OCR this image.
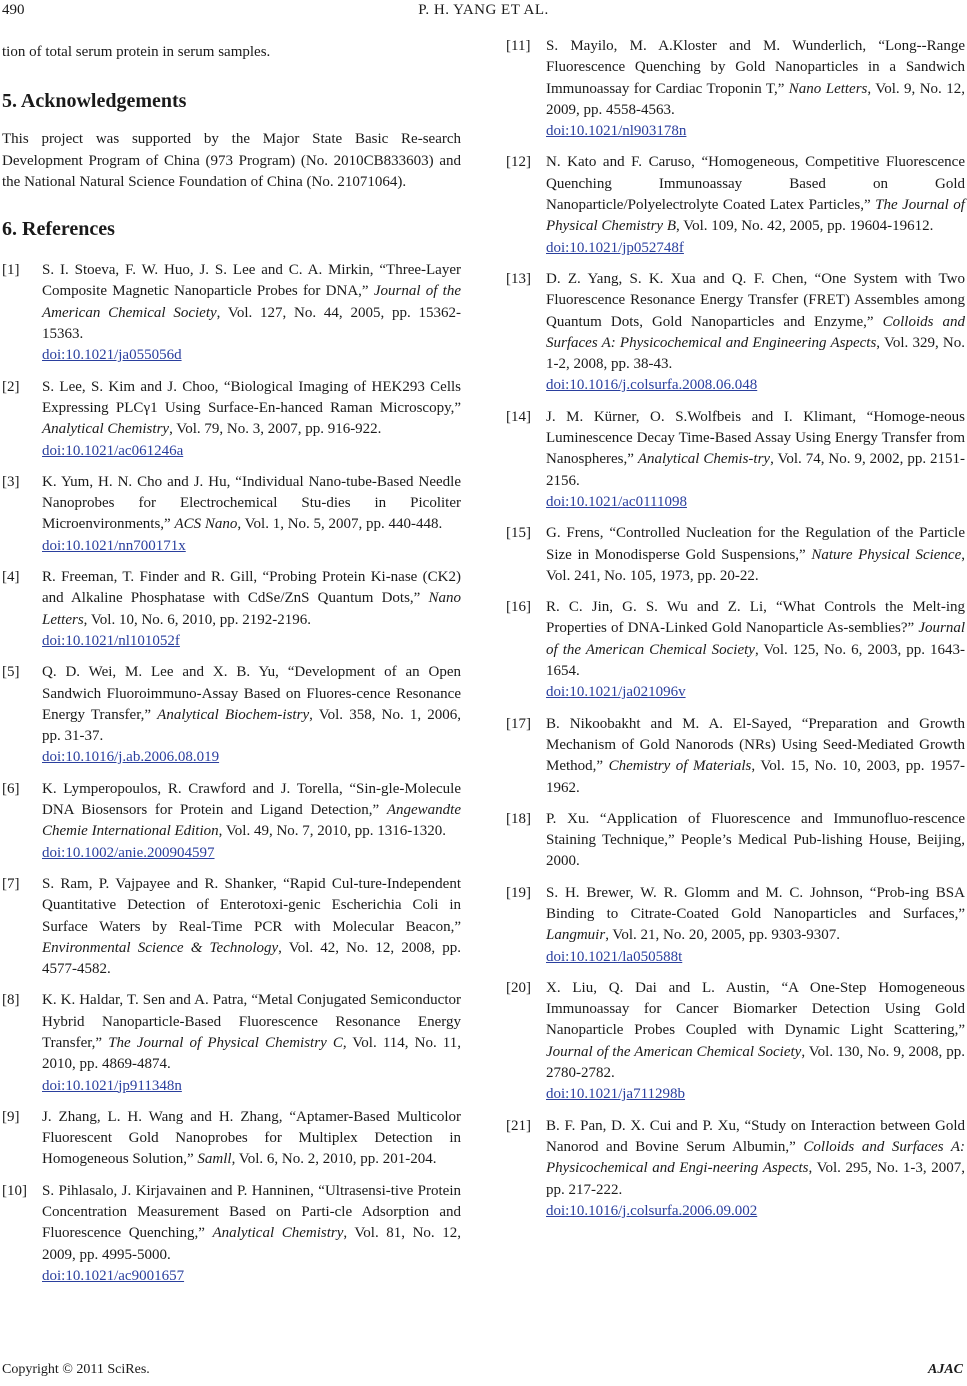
490	P. H. YANG ET AL.

tion of total serum protein in serum samples.

5. Acknowledgements

This project was supported by the Major State Basic Re-search Development Program of China (973 Program) (No. 2010CB833603) and the National Natural Science Foundation of China (No. 21071064).

6. References
[1] S. I. Stoeva, F. W. Huo, J. S. Lee and C. A. Mirkin, “Three-Layer Composite Magnetic Nanoparticle Probes for DNA,” Journal of the American Chemical Society, Vol. 127, No. 44, 2005, pp. 15362-15363.
doi:10.1021/ja055056d
[2] S. Lee, S. Kim and J. Choo, “Biological Imaging of HEK293 Cells Expressing PLCγ1 Using Surface-En-hanced Raman Microscopy,” Analytical Chemistry, Vol. 79, No. 3, 2007, pp. 916-922.
doi:10.1021/ac061246a
[3] K. Yum, H. N. Cho and J. Hu, “Individual Nano-tube-Based Needle Nanoprobes for Electrochemical Stu-dies in Picoliter Microenvironments,” ACS Nano, Vol. 1, No. 5, 2007, pp. 440-448.
doi:10.1021/nn700171x
[4] R. Freeman, T. Finder and R. Gill, “Probing Protein Ki-nase (CK2) and Alkaline Phosphatase with CdSe/ZnS Quantum Dots,” Nano Letters, Vol. 10, No. 6, 2010, pp. 2192-2196.
doi:10.1021/nl101052f
[5] Q. D. Wei, M. Lee and X. B. Yu, “Development of an Open Sandwich Fluoroimmuno-Assay Based on Fluores-cence Resonance Energy Transfer,” Analytical Biochem-istry, Vol. 358, No. 1, 2006, pp. 31-37.
doi:10.1016/j.ab.2006.08.019
[6] K. Lymperopoulos, R. Crawford and J. Torella, “Sin-gle-Molecule DNA Biosensors for Protein and Ligand Detection,” Angewandte Chemie International Edition, Vol. 49, No. 7, 2010, pp. 1316-1320.
doi:10.1002/anie.200904597
[7] S. Ram, P. Vajpayee and R. Shanker, “Rapid Cul-ture-Independent Quantitative Detection of Enterotoxi-genic Escherichia Coli in Surface Waters by Real-Time PCR with Molecular Beacon,” Environmental Science & Technology, Vol. 42, No. 12, 2008, pp. 4577-4582.
[8] K. K. Haldar, T. Sen and A. Patra, “Metal Conjugated Semiconductor Hybrid Nanoparticle-Based Fluorescence Resonance Energy Transfer,” The Journal of Physical Chemistry C, Vol. 114, No. 11, 2010, pp. 4869-4874.
doi:10.1021/jp911348n
[9] J. Zhang, L. H. Wang and H. Zhang, “Aptamer-Based Multicolor Fluorescent Gold Nanoprobes for Multiplex Detection in Homogeneous Solution,” Samll, Vol. 6, No. 2, 2010, pp. 201-204.
[10] S. Pihlasalo, J. Kirjavainen and P. Hanninen, “Ultrasensi-tive Protein Concentration Measurement Based on Parti-cle Adsorption and Fluorescence Quenching,” Analytical Chemistry, Vol. 81, No. 12, 2009, pp. 4995-5000.
doi:10.1021/ac9001657
[11] S. Mayilo, M. A.Kloster and M. Wunderlich, “Long--Range Fluorescence Quenching by Gold Nanoparticles in a Sandwich Immunoassay for Cardiac Troponin T,” Nano Letters, Vol. 9, No. 12, 2009, pp. 4558-4563.
doi:10.1021/nl903178n
[12] N. Kato and F. Caruso, “Homogeneous, Competitive Fluorescence Quenching Immunoassay Based on Gold Nanoparticle/Polyelectrolyte Coated Latex Particles,” The Journal of Physical Chemistry B, Vol. 109, No. 42, 2005, pp. 19604-19612.
doi:10.1021/jp052748f
[13] D. Z. Yang, S. K. Xua and Q. F. Chen, “One System with Two Fluorescence Resonance Energy Transfer (FRET) Assembles among Quantum Dots, Gold Nanoparticles and Enzyme,” Colloids and Surfaces A: Physicochemical and Engineering Aspects, Vol. 329, No. 1-2, 2008, pp. 38-43.
doi:10.1016/j.colsurfa.2008.06.048
[14] J. M. Kürner, O. S.Wolfbeis and I. Klimant, “Homoge-neous Luminescence Decay Time-Based Assay Using Energy Transfer from Nanospheres,” Analytical Chemis-try, Vol. 74, No. 9, 2002, pp. 2151-2156.
doi:10.1021/ac0111098
[15] G. Frens, “Controlled Nucleation for the Regulation of the Particle Size in Monodisperse Gold Suspensions,” Nature Physical Science, Vol. 241, No. 105, 1973, pp. 20-22.
[16] R. C. Jin, G. S. Wu and Z. Li, “What Controls the Melt-ing Properties of DNA-Linked Gold Nanoparticle As-semblies?” Journal of the American Chemical Society, Vol. 125, No. 6, 2003, pp. 1643-1654.
doi:10.1021/ja021096v
[17] B. Nikoobakht and M. A. El-Sayed, “Preparation and Growth Mechanism of Gold Nanorods (NRs) Using Seed-Mediated Growth Method,” Chemistry of Materials, Vol. 15, No. 10, 2003, pp. 1957-1962.
[18] P. Xu. “Application of Fluorescence and Immunofluo-rescence Staining Technique,” People’s Medical Pub-lishing House, Beijing, 2000.
[19] S. H. Brewer, W. R. Glomm and M. C. Johnson, “Prob-ing BSA Binding to Citrate-Coated Gold Nanoparticles and Surfaces,” Langmuir, Vol. 21, No. 20, 2005, pp. 9303-9307.
doi:10.1021/la050588t
[20] X. Liu, Q. Dai and L. Austin, “A One-Step Homogeneous Immunoassay for Cancer Biomarker Detection Using Gold Nanoparticle Probes Coupled with Dynamic Light Scattering,” Journal of the American Chemical Society, Vol. 130, No. 9, 2008, pp. 2780-2782.
doi:10.1021/ja711298b
[21] B. F. Pan, D. X. Cui and P. Xu, “Study on Interaction between Gold Nanorod and Bovine Serum Albumin,” Colloids and Surfaces A: Physicochemical and Engi-neering Aspects, Vol. 295, No. 1-3, 2007, pp. 217-222.
doi:10.1016/j.colsurfa.2006.09.002
Copyright © 2011 SciRes.	AJAC
